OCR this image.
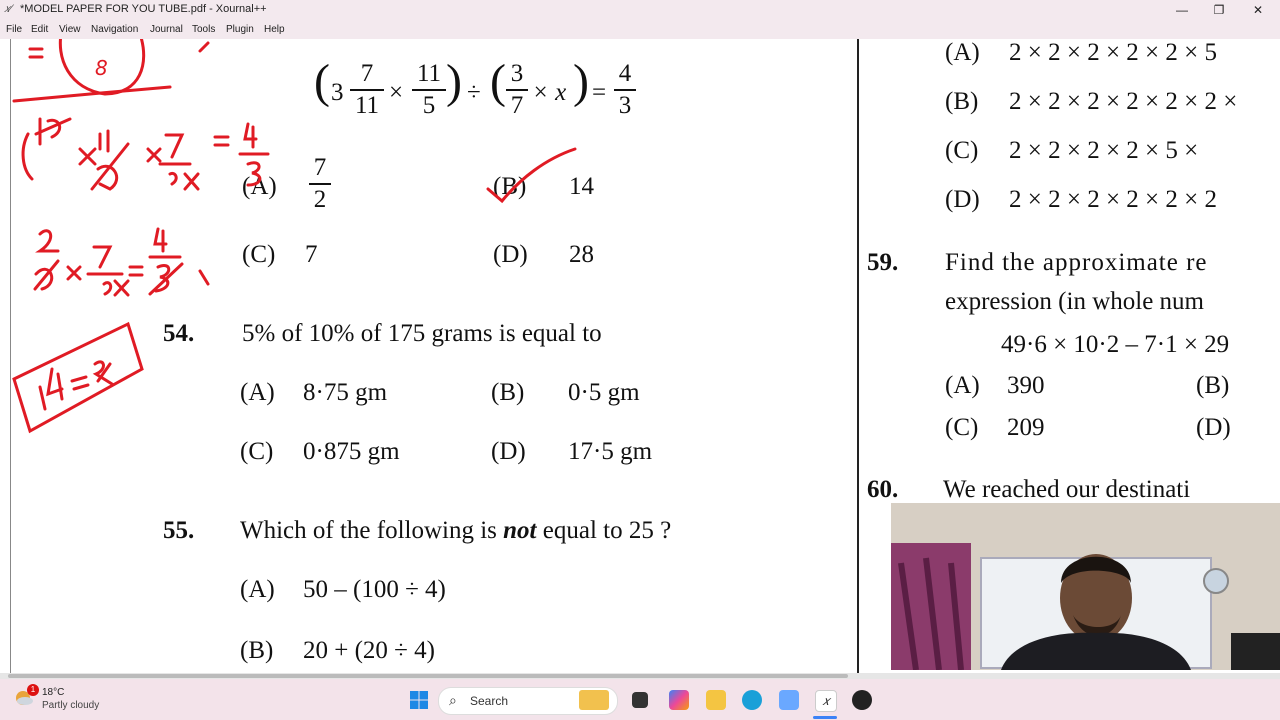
𝑥⁄ *MODEL PAPER FOR YOU TUBE.pdf - Xournal++	—	❐	✕
File Edit View Navigation Journal Tools Plugin Help
( 3
7
11 ×
11
5 ) ÷ ( 3
7 × x ) =
4
3
(A)
7
2	(B) 14
(C) 7	(D) 28
54. 5% of 10% of 175 grams is equal to
(A) 8·75 gm	(B) 0·5 gm
(C) 0·875 gm	(D) 17·5 gm
55. Which of the following is not equal to 25 ?
(A) 50 – (100 ÷ 4)
(B) 20 + (20 ÷ 4)
(A) 2 × 2 × 2 × 2 × 2 × 5
(B) 2 × 2 × 2 × 2 × 2 × 2 ×
(C) 2 × 2 × 2 × 2 × 5 ×
(D) 2 × 2 × 2 × 2 × 2 × 2
59. Find the approximate re
expression (in whole num
49·6 × 10·2 – 7·1 × 29
(A) 390	(B)
(C) 209	(D)
60. We reached our destinati
8
1 18°C
Partly cloudy	⌕ Search	𝑥
